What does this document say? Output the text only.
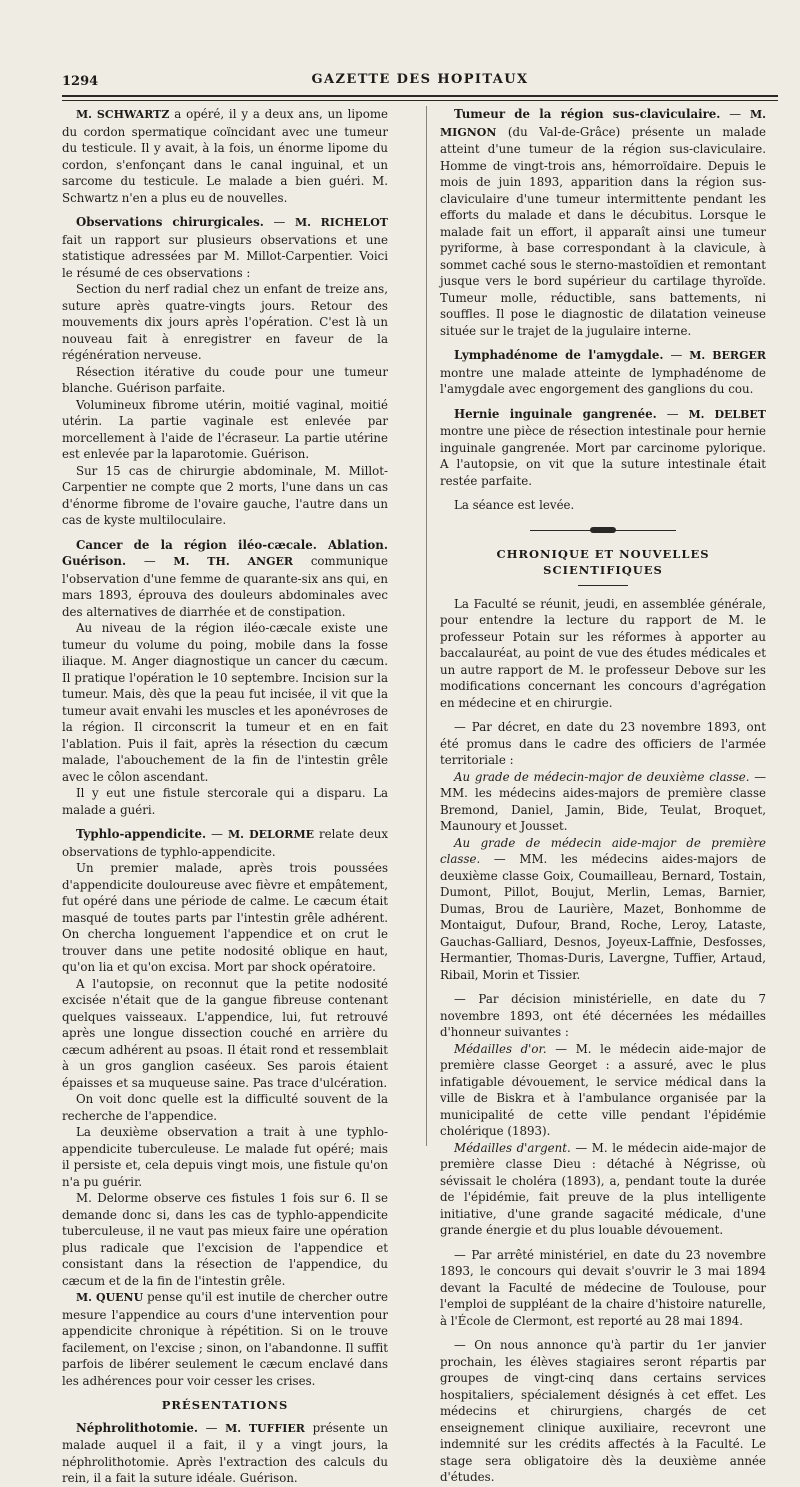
1294	GAZETTE DES HOPITAUX

M. SCHWARTZ a opéré, il y a deux ans, un lipome du cordon spermatique coïncidant avec une tumeur du testicule. Il y avait, à la fois, un énorme lipome du cordon, s'enfonçant dans le canal inguinal, et un sarcome du testicule. Le malade a bien guéri. M. Schwartz n'en a plus eu de nouvelles.

Observations chirurgicales. — M. RICHELOT fait un rapport sur plusieurs observations et une statistique adressées par M. Millot-Carpentier. Voici le résumé de ces observations :

Section du nerf radial chez un enfant de treize ans, suture après quatre-vingts jours. Retour des mouvements dix jours après l'opération. C'est là un nouveau fait à enregistrer en faveur de la régénération nerveuse.

Résection itérative du coude pour une tumeur blanche. Guérison parfaite.

Volumineux fibrome utérin, moitié vaginal, moitié utérin. La partie vaginale est enlevée par morcellement à l'aide de l'écraseur. La partie utérine est enlevée par la laparotomie. Guérison.

Sur 15 cas de chirurgie abdominale, M. Millot-Carpentier ne compte que 2 morts, l'une dans un cas d'énorme fibrome de l'ovaire gauche, l'autre dans un cas de kyste multiloculaire.

Cancer de la région iléo-cæcale. Ablation. Guérison. — M. TH. ANGER communique l'observation d'une femme de quarante-six ans qui, en mars 1893, éprouva des douleurs abdominales avec des alternatives de diarrhée et de constipation.

Au niveau de la région iléo-cæcale existe une tumeur du volume du poing, mobile dans la fosse iliaque. M. Anger diagnostique un cancer du cæcum. Il pratique l'opération le 10 septembre. Incision sur la tumeur. Mais, dès que la peau fut incisée, il vit que la tumeur avait envahi les muscles et les aponévroses de la région. Il circonscrit la tumeur et en en fait l'ablation. Puis il fait, après la résection du cæcum malade, l'abouchement de la fin de l'intestin grêle avec le côlon ascendant.

Il y eut une fistule stercorale qui a disparu. La malade a guéri.

Typhlo-appendicite. — M. DELORME relate deux observations de typhlo-appendicite.

Un premier malade, après trois poussées d'appendicite douloureuse avec fièvre et empâtement, fut opéré dans une période de calme. Le cæcum était masqué de toutes parts par l'intestin grêle adhérent. On chercha longuement l'appendice et on crut le trouver dans une petite nodosité oblique en haut, qu'on lia et qu'on excisa. Mort par shock opératoire.

A l'autopsie, on reconnut que la petite nodosité excisée n'était que de la gangue fibreuse contenant quelques vaisseaux. L'appendice, lui, fut retrouvé après une longue dissection couché en arrière du cæcum adhérent au psoas. Il était rond et ressemblait à un gros ganglion caséeux. Ses parois étaient épaisses et sa muqueuse saine. Pas trace d'ulcération.

On voit donc quelle est la difficulté souvent de la recherche de l'appendice.

La deuxième observation a trait à une typhlo-appendicite tuberculeuse. Le malade fut opéré; mais il persiste et, cela depuis vingt mois, une fistule qu'on n'a pu guérir.

M. Delorme observe ces fistules 1 fois sur 6. Il se demande donc si, dans les cas de typhlo-appendicite tuberculeuse, il ne vaut pas mieux faire une opération plus radicale que l'excision de l'appendice et consistant dans la résection de l'appendice, du cæcum et de la fin de l'intestin grêle.

M. QUENU pense qu'il est inutile de chercher outre mesure l'appendice au cours d'une intervention pour appendicite chronique à répétition. Si on le trouve facilement, on l'excise ; sinon, on l'abandonne. Il suffit parfois de libérer seulement le cæcum enclavé dans les adhérences pour voir cesser les crises.

PRÉSENTATIONS

Néphrolithotomie. — M. TUFFIER présente un malade auquel il a fait, il y a vingt jours, la néphrolithotomie. Après l'extraction des calculs du rein, il a fait la suture idéale. Guérison.

Tumeur de la région sus-claviculaire. — M. MIGNON (du Val-de-Grâce) présente un malade atteint d'une tumeur de la région sus-claviculaire. Homme de vingt-trois ans, hémorroïdaire. Depuis le mois de juin 1893, apparition dans la région sus-claviculaire d'une tumeur intermittente pendant les efforts du malade et dans le décubitus. Lorsque le malade fait un effort, il apparaît ainsi une tumeur pyriforme, à base correspondant à la clavicule, à sommet caché sous le sterno-mastoïdien et remontant jusque vers le bord supérieur du cartilage thyroïde. Tumeur molle, réductible, sans battements, ni souffles. Il pose le diagnostic de dilatation veineuse située sur le trajet de la jugulaire interne.

Lymphadénome de l'amygdale. — M. BERGER montre une malade atteinte de lymphadénome de l'amygdale avec engorgement des ganglions du cou.

Hernie inguinale gangrenée. — M. DELBET montre une pièce de résection intestinale pour hernie inguinale gangrenée. Mort par carcinome pylorique. A l'autopsie, on vit que la suture intestinale était restée parfaite.

La séance est levée.

CHRONIQUE ET NOUVELLES SCIENTIFIQUES

La Faculté se réunit, jeudi, en assemblée générale, pour entendre la lecture du rapport de M. le professeur Potain sur les réformes à apporter au baccalauréat, au point de vue des études médicales et un autre rapport de M. le professeur Debove sur les modifications concernant les concours d'agrégation en médecine et en chirurgie.

— Par décret, en date du 23 novembre 1893, ont été promus dans le cadre des officiers de l'armée territoriale :

Au grade de médecin-major de deuxième classe. — MM. les médecins aides-majors de première classe Bremond, Daniel, Jamin, Bide, Teulat, Broquet, Maunoury et Jousset.

Au grade de médecin aide-major de première classe. — MM. les médecins aides-majors de deuxième classe Goix, Coumailleau, Bernard, Tostain, Dumont, Pillot, Boujut, Merlin, Lemas, Barnier, Dumas, Brou de Laurière, Mazet, Bonhomme de Montaigut, Dufour, Brand, Roche, Leroy, Lataste, Gauchas-Galliard, Desnos, Joyeux-Laffnie, Desfosses, Hermantier, Thomas-Duris, Lavergne, Tuffier, Artaud, Ribail, Morin et Tissier.

— Par décision ministérielle, en date du 7 novembre 1893, ont été décernées les médailles d'honneur suivantes :

Médailles d'or. — M. le médecin aide-major de première classe Georget : a assuré, avec le plus infatigable dévouement, le service médical dans la ville de Biskra et à l'ambulance organisée par la municipalité de cette ville pendant l'épidémie cholérique (1893).

Médailles d'argent. — M. le médecin aide-major de première classe Dieu : détaché à Négrisse, où sévissait le choléra (1893), a, pendant toute la durée de l'épidémie, fait preuve de la plus intelligente initiative, d'une grande sagacité médicale, d'une grande énergie et du plus louable dévouement.

— Par arrêté ministériel, en date du 23 novembre 1893, le concours qui devait s'ouvrir le 3 mai 1894 devant la Faculté de médecine de Toulouse, pour l'emploi de suppléant de la chaire d'histoire naturelle, à l'École de Clermont, est reporté au 28 mai 1894.

— On nous annonce qu'à partir du 1er janvier prochain, les élèves stagiaires seront répartis par groupes de vingt-cinq dans certains services hospitaliers, spécialement désignés à cet effet. Les médecins et chirurgiens, chargés de cet enseignement clinique auxiliaire, recevront une indemnité sur les crédits affectés à la Faculté. Le stage sera obligatoire dès la deuxième année d'études.
